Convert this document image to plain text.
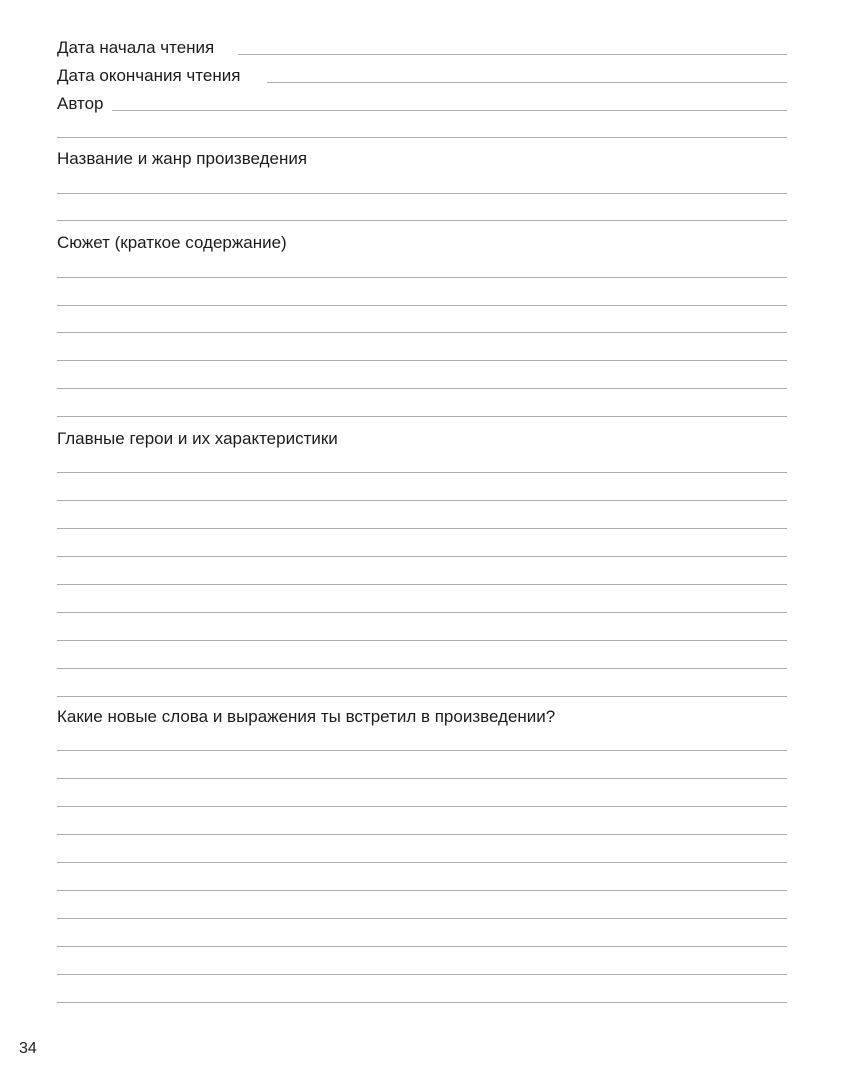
Дата начала чтения
Дата окончания чтения
Автор
Название и жанр произведения
Сюжет (краткое содержание)
Главные герои и их характеристики
Какие новые слова и выражения ты встретил в произведении?
34
